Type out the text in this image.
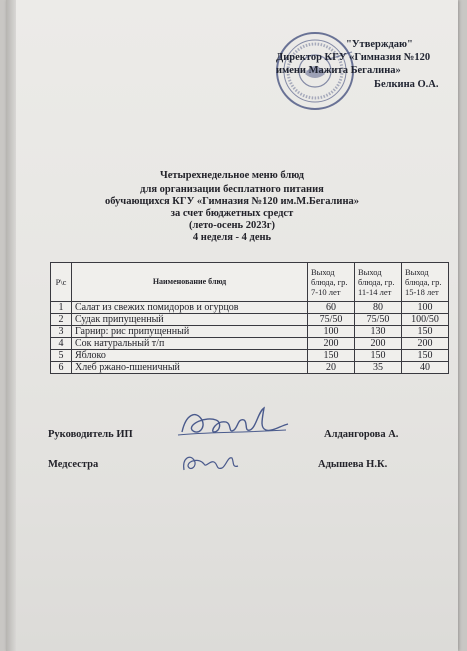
"Утверждаю"
Директор КГУ «Гимназия №120
имени Мажита Бегалина»
Белкина О.А.
Четырехнедельное меню блюд
для организации бесплатного питания
обучающихся КГУ «Гимназия №120 им.М.Бегалина»
за счет бюджетных средст
(лето-осень 2023г)
4 неделя - 4 день
Р\с	Наименование блюд	Выход блюда, гр. 7-10 лет	Выход блюда, гр. 11-14 лет	Выход блюда, гр. 15-18 лет
1	Салат из свежих помидоров и огурцов	60	80	100
2	Судак припущенный	75/50	75/50	100/50
3	Гарнир: рис припущенный	100	130	150
4	Сок натуральный т/п	200	200	200
5	Яблоко	150	150	150
6	Хлеб ржано-пшеничный	20	35	40
Руководитель ИП	Алдангорова А.
Медсестра	Адышева Н.К.
